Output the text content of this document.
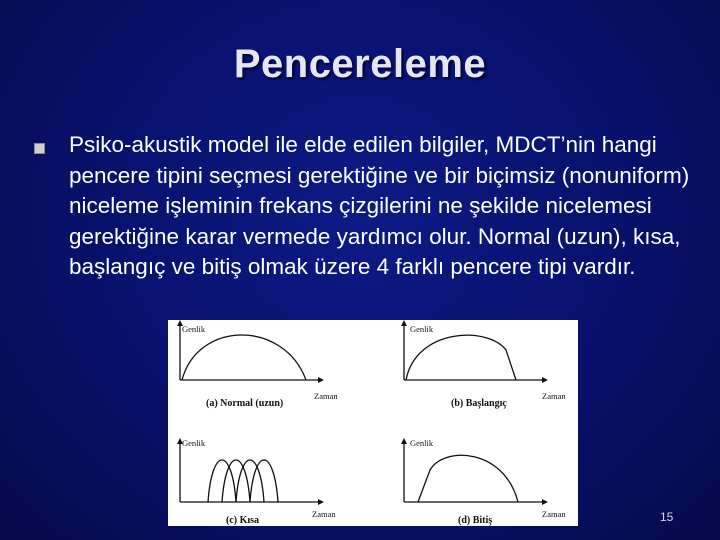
Pencereleme
Psiko-akustik model ile elde edilen bilgiler, MDCT’nin hangi pencere tipini seçmesi gerektiğine ve bir biçimsiz (nonuniform) niceleme işleminin frekans çizgilerini ne şekilde nicelemesi gerektiğine karar vermede yardımcı olur. Normal (uzun), kısa, başlangıç ve bitiş olmak üzere 4 farklı pencere tipi vardır.
Genlik
Zaman
(a) Normal (uzun)
Genlik
Zaman
(b) Başlangıç
Genlik
Zaman
(c) Kısa
Genlik
Zaman
(d) Bitiş	15
